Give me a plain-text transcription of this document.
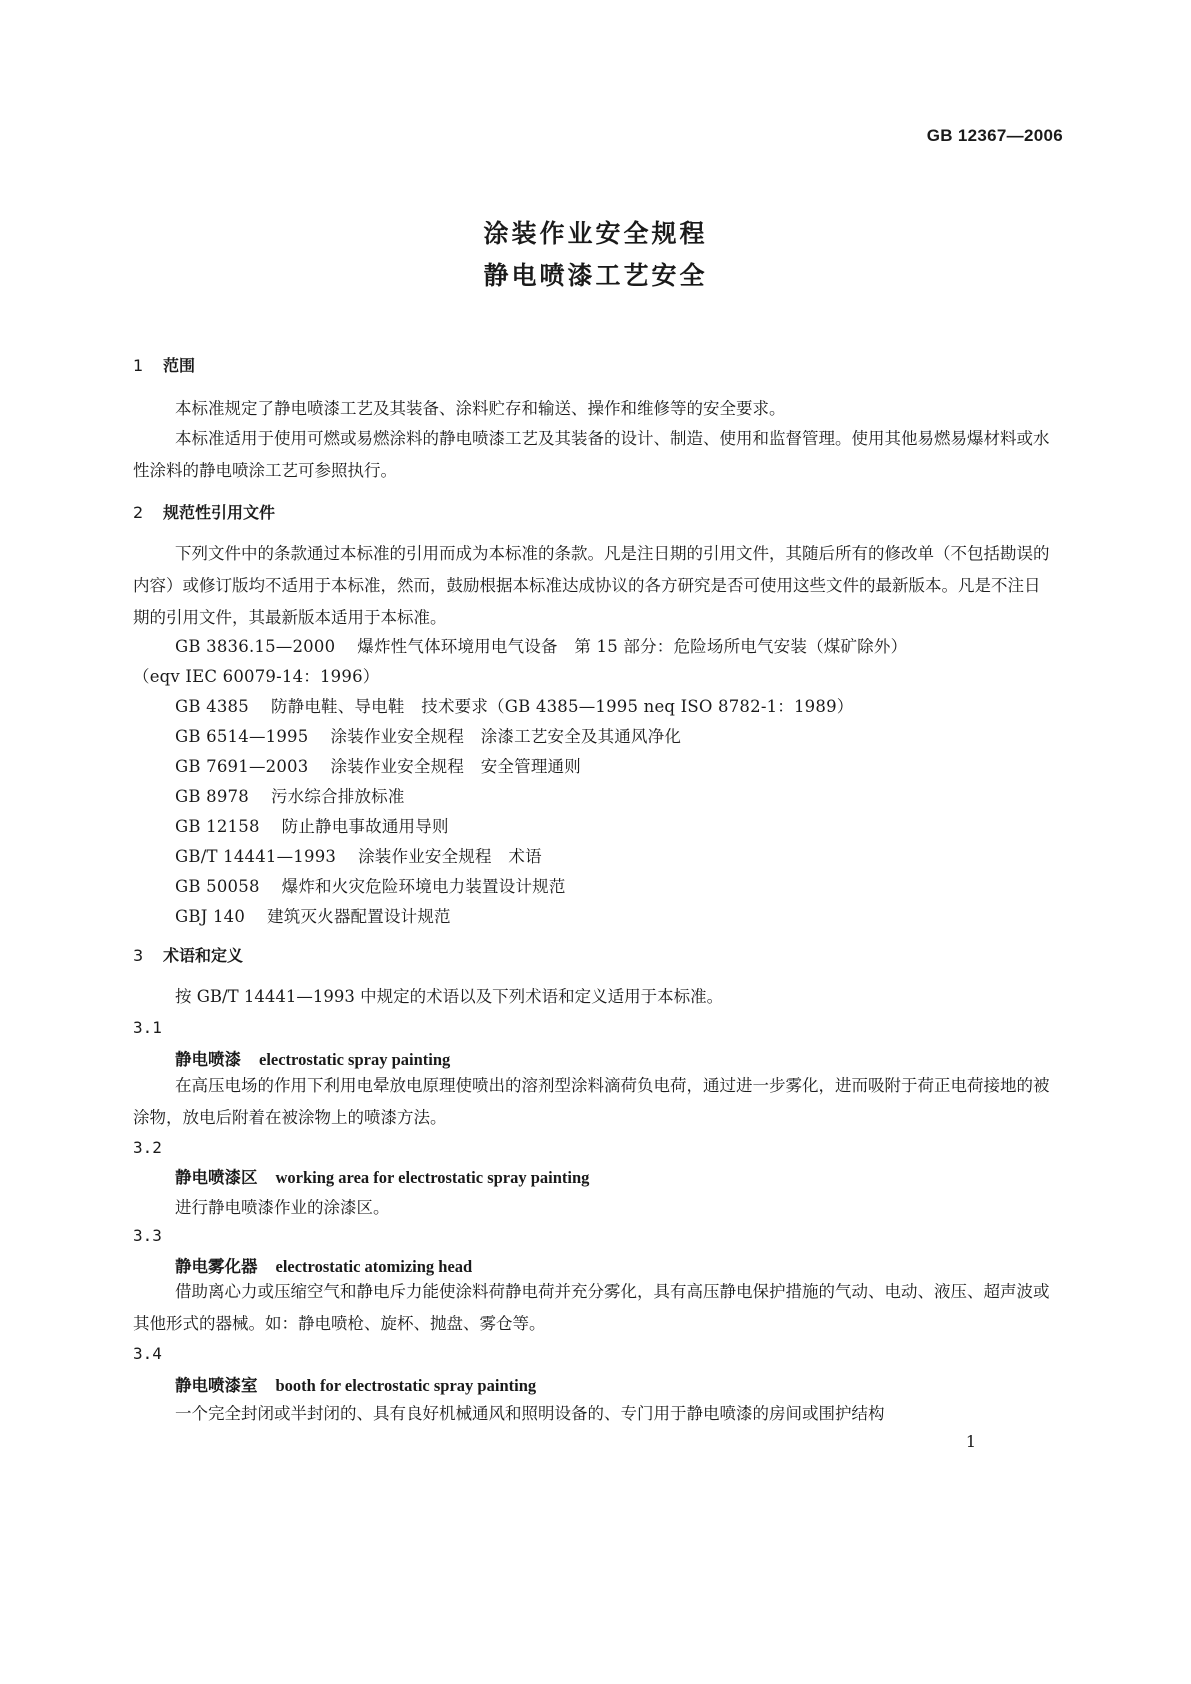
GB 12367—2006
涂装作业安全规程
静电喷漆工艺安全
1 范围
本标准规定了静电喷漆工艺及其装备、涂料贮存和输送、操作和维修等的安全要求。
本标准适用于使用可燃或易燃涂料的静电喷漆工艺及其装备的设计、制造、使用和监督管理。使用其他易燃易爆材料或水性涂料的静电喷涂工艺可参照执行。
2 规范性引用文件
下列文件中的条款通过本标准的引用而成为本标准的条款。凡是注日期的引用文件，其随后所有的修改单（不包括勘误的内容）或修订版均不适用于本标准，然而，鼓励根据本标准达成协议的各方研究是否可使用这些文件的最新版本。凡是不注日期的引用文件，其最新版本适用于本标准。
GB 3836.15—2000 爆炸性气体环境用电气设备　第 15 部分：危险场所电气安装（煤矿除外）
（eqv IEC 60079-14：1996）
GB 4385 防静电鞋、导电鞋　技术要求（GB 4385—1995 neq ISO 8782-1：1989）
GB 6514—1995 涂装作业安全规程　涂漆工艺安全及其通风净化
GB 7691—2003 涂装作业安全规程　安全管理通则
GB 8978 污水综合排放标准
GB 12158 防止静电事故通用导则
GB/T 14441—1993 涂装作业安全规程　术语
GB 50058 爆炸和火灾危险环境电力装置设计规范
GBJ 140 建筑灭火器配置设计规范
3 术语和定义
按 GB/T 14441—1993 中规定的术语以及下列术语和定义适用于本标准。
3.1
静电喷漆 electrostatic spray painting
在高压电场的作用下利用电晕放电原理使喷出的溶剂型涂料滴荷负电荷，通过进一步雾化，进而吸附于荷正电荷接地的被涂物，放电后附着在被涂物上的喷漆方法。
3.2
静电喷漆区 working area for electrostatic spray painting
进行静电喷漆作业的涂漆区。
3.3
静电雾化器 electrostatic atomizing head
借助离心力或压缩空气和静电斥力能使涂料荷静电荷并充分雾化，具有高压静电保护措施的气动、电动、液压、超声波或其他形式的器械。如：静电喷枪、旋杯、抛盘、雾仓等。
3.4
静电喷漆室 booth for electrostatic spray painting
一个完全封闭或半封闭的、具有良好机械通风和照明设备的、专门用于静电喷漆的房间或围护结构
1
